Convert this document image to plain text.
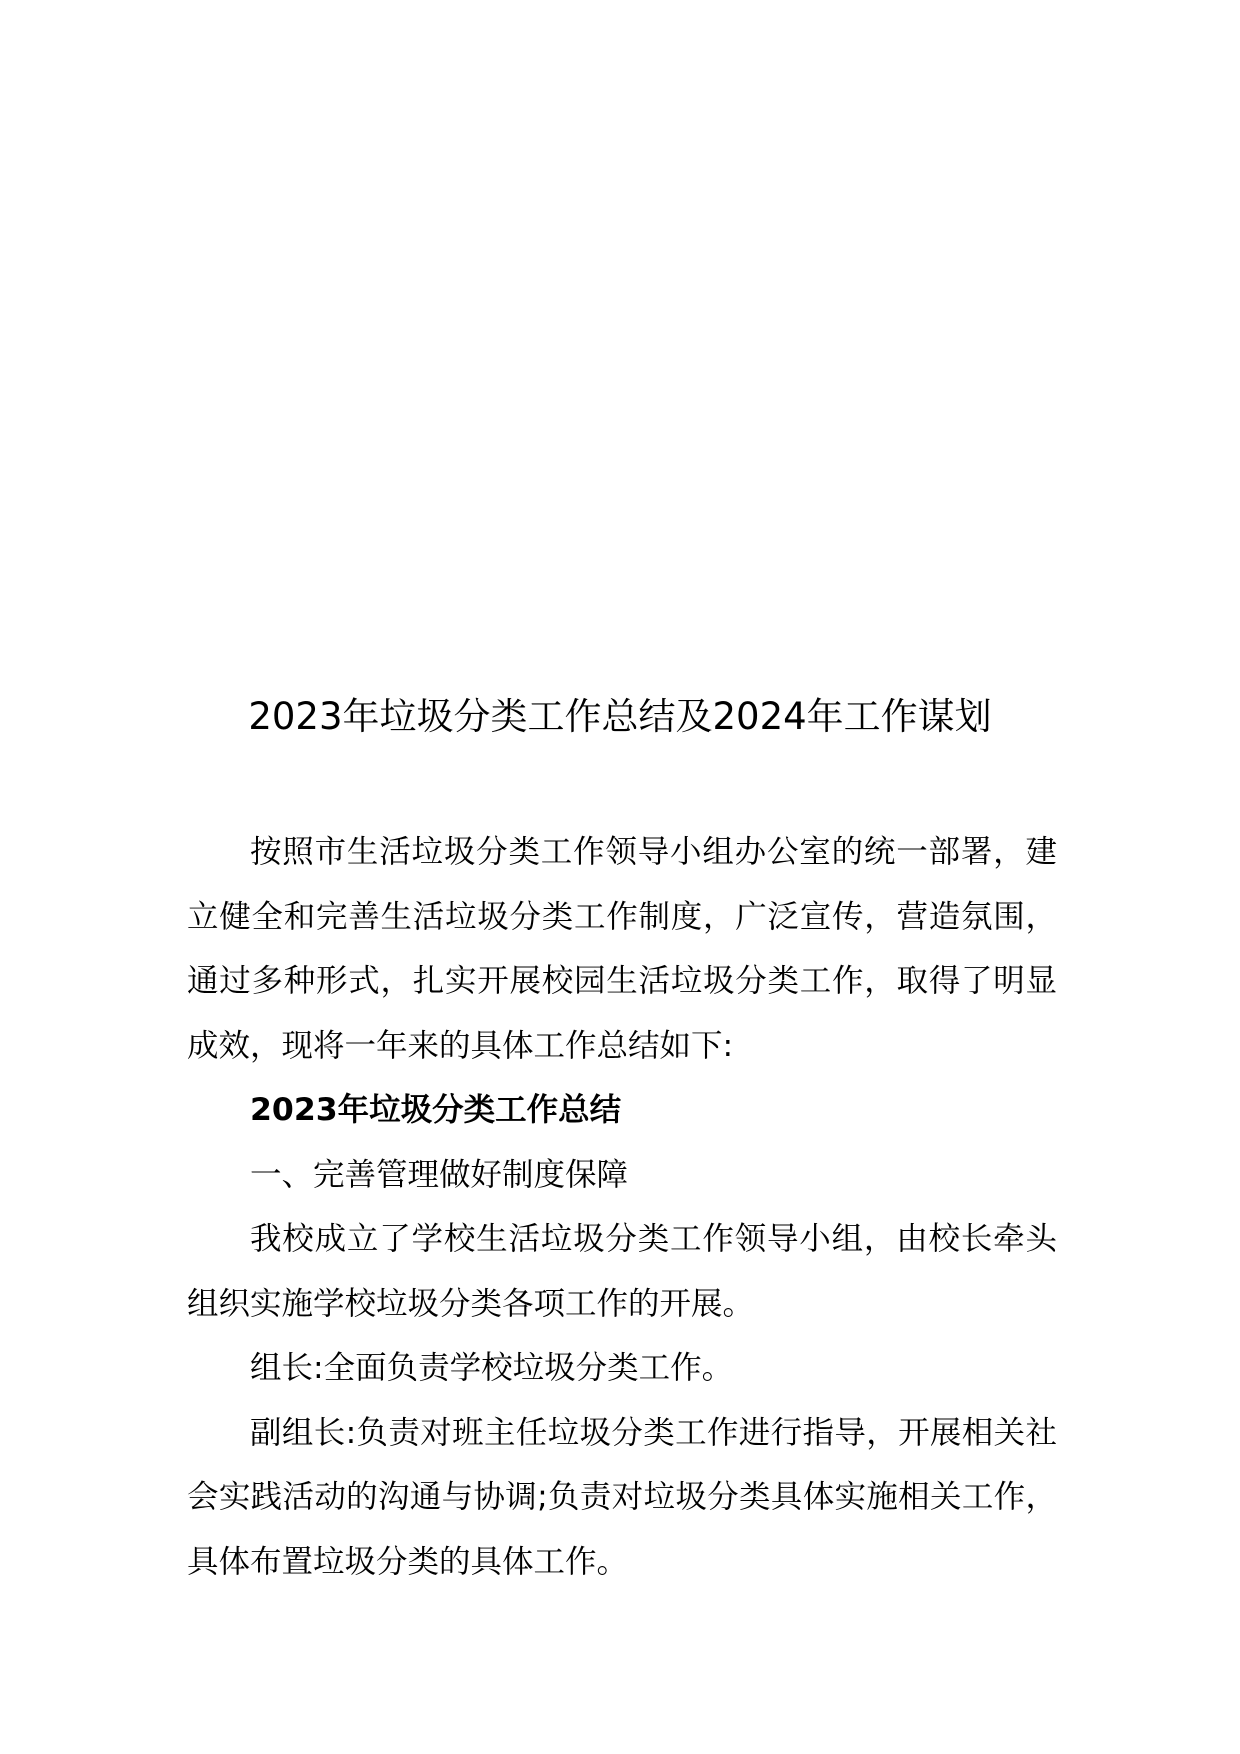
2023年垃圾分类工作总结及2024年工作谋划

按照市生活垃圾分类工作领导小组办公室的统一部署，建立健全和完善生活垃圾分类工作制度，广泛宣传，营造氛围，通过多种形式，扎实开展校园生活垃圾分类工作，取得了明显成效，现将一年来的具体工作总结如下:

2023年垃圾分类工作总结

一、完善管理做好制度保障

我校成立了学校生活垃圾分类工作领导小组，由校长牵头组织实施学校垃圾分类各项工作的开展。

组长:全面负责学校垃圾分类工作。

副组长:负责对班主任垃圾分类工作进行指导，开展相关社会实践活动的沟通与协调;负责对垃圾分类具体实施相关工作，具体布置垃圾分类的具体工作。
